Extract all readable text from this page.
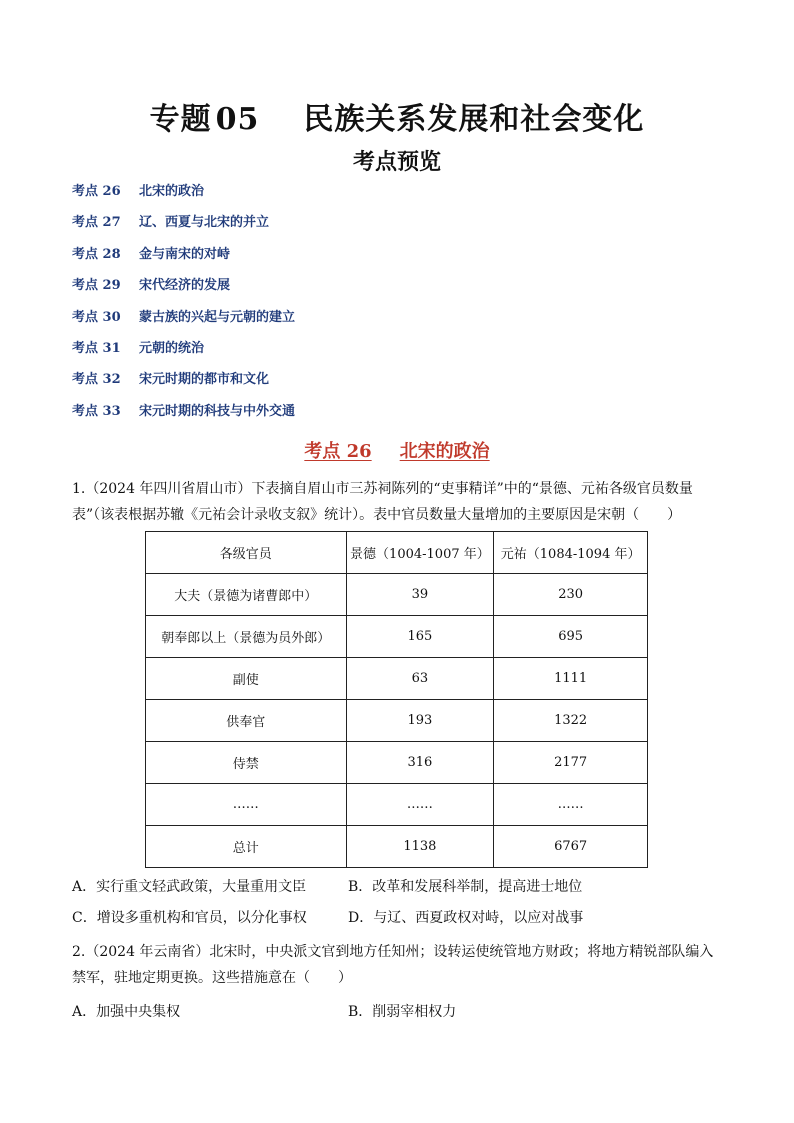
专题 05 民族关系发展和社会变化
考点预览
考点 26 北宋的政治
考点 27 辽、西夏与北宋的并立
考点 28 金与南宋的对峙
考点 29 宋代经济的发展
考点 30 蒙古族的兴起与元朝的建立
考点 31 元朝的统治
考点 32 宋元时期的都市和文化
考点 33 宋元时期的科技与中外交通
考点 26 北宋的政治
1.（2024 年四川省眉山市）下表摘自眉山市三苏祠陈列的“吏事精详”中的“景德、元祐各级官员数量表”（该表根据苏辙《元祐会计录收支叙》统计）。表中官员数量大量增加的主要原因是宋朝（　　）
各级官员	景德（1004-1007 年）	元祐（1084-1094 年）
大夫（景德为诸曹郎中）	39	230
朝奉郎以上（景德为员外郎）	165	695
副使	63	1111
供奉官	193	1322
侍禁	316	2177
……	……	……
总计	1138	6767
A．实行重文轻武政策，大量重用文臣	B．改革和发展科举制，提高进士地位
C．增设多重机构和官员，以分化事权	D．与辽、西夏政权对峙，以应对战事
2.（2024 年云南省）北宋时，中央派文官到地方任知州；设转运使统管地方财政；将地方精锐部队编入禁军，驻地定期更换。这些措施意在（　　）
A．加强中央集权	B．削弱宰相权力
